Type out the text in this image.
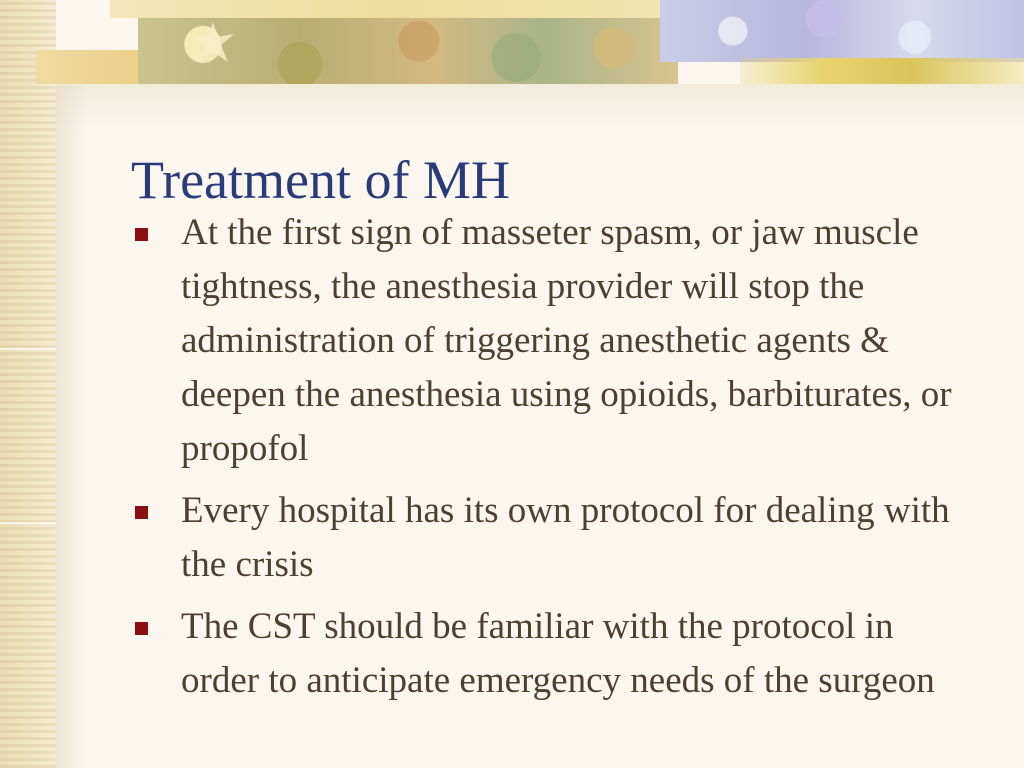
Treatment of MH
At the first sign of masseter spasm, or jaw muscle tightness, the anesthesia provider will stop the administration of triggering anesthetic agents & deepen the anesthesia using opioids, barbiturates, or propofol
Every hospital has its own protocol for dealing with the crisis
The CST should be familiar with the protocol in order to anticipate emergency needs of the surgeon
